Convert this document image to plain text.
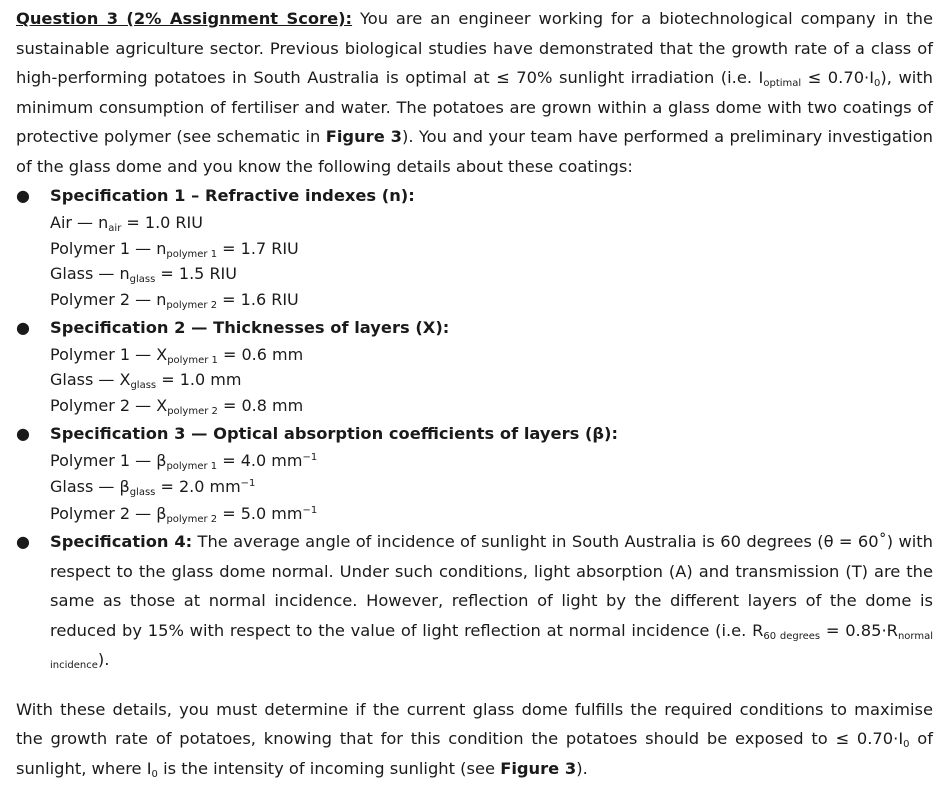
Question 3 (2% Assignment Score): You are an engineer working for a biotechnological company in the sustainable agriculture sector. Previous biological studies have demonstrated that the growth rate of a class of high-performing potatoes in South Australia is optimal at ≤ 70% sunlight irradiation (i.e. $I_{optimal} \le 0.70\cdot I_0$), with minimum consumption of fertiliser and water. The potatoes are grown within a glass dome with two coatings of protective polymer (see schematic in Figure 3). You and your team have performed a preliminary investigation of the glass dome and you know the following details about these coatings:

● Specification 1 – Refractive indexes (n):
Air — $n_{air} = 1.0$ RIU
Polymer 1 — $n_{polymer 1} = 1.7$ RIU
Glass — $n_{glass} = 1.5$ RIU
Polymer 2 — $n_{polymer 2} = 1.6$ RIU
● Specification 2 — Thicknesses of layers (X):
Polymer 1 — $X_{polymer 1} = 0.6$ mm
Glass — $X_{glass} = 1.0$ mm
Polymer 2 — $X_{polymer 2} = 0.8$ mm
● Specification 3 — Optical absorption coefficients of layers (β):
Polymer 1 — $\beta_{polymer 1} = 4.0$ $mm^{-1}$
Glass — $\beta_{glass} = 2.0$ $mm^{-1}$
Polymer 2 — $\beta_{polymer 2} = 5.0$ $mm^{-1}$
● Specification 4: The average angle of incidence of sunlight in South Australia is 60 degrees (θ = 60˚) with respect to the glass dome normal. Under such conditions, light absorption (A) and transmission (T) are the same as those at normal incidence. However, reflection of light by the different layers of the dome is reduced by 15% with respect to the value of light reflection at normal incidence (i.e. $R_{60 degrees} = 0.85\cdot R_{normal incidence}$).

With these details, you must determine if the current glass dome fulfills the required conditions to maximise the growth rate of potatoes, knowing that for this condition the potatoes should be exposed to ≤ $0.70\cdot I_0$ of sunlight, where $I_0$ is the intensity of incoming sunlight (see Figure 3).
